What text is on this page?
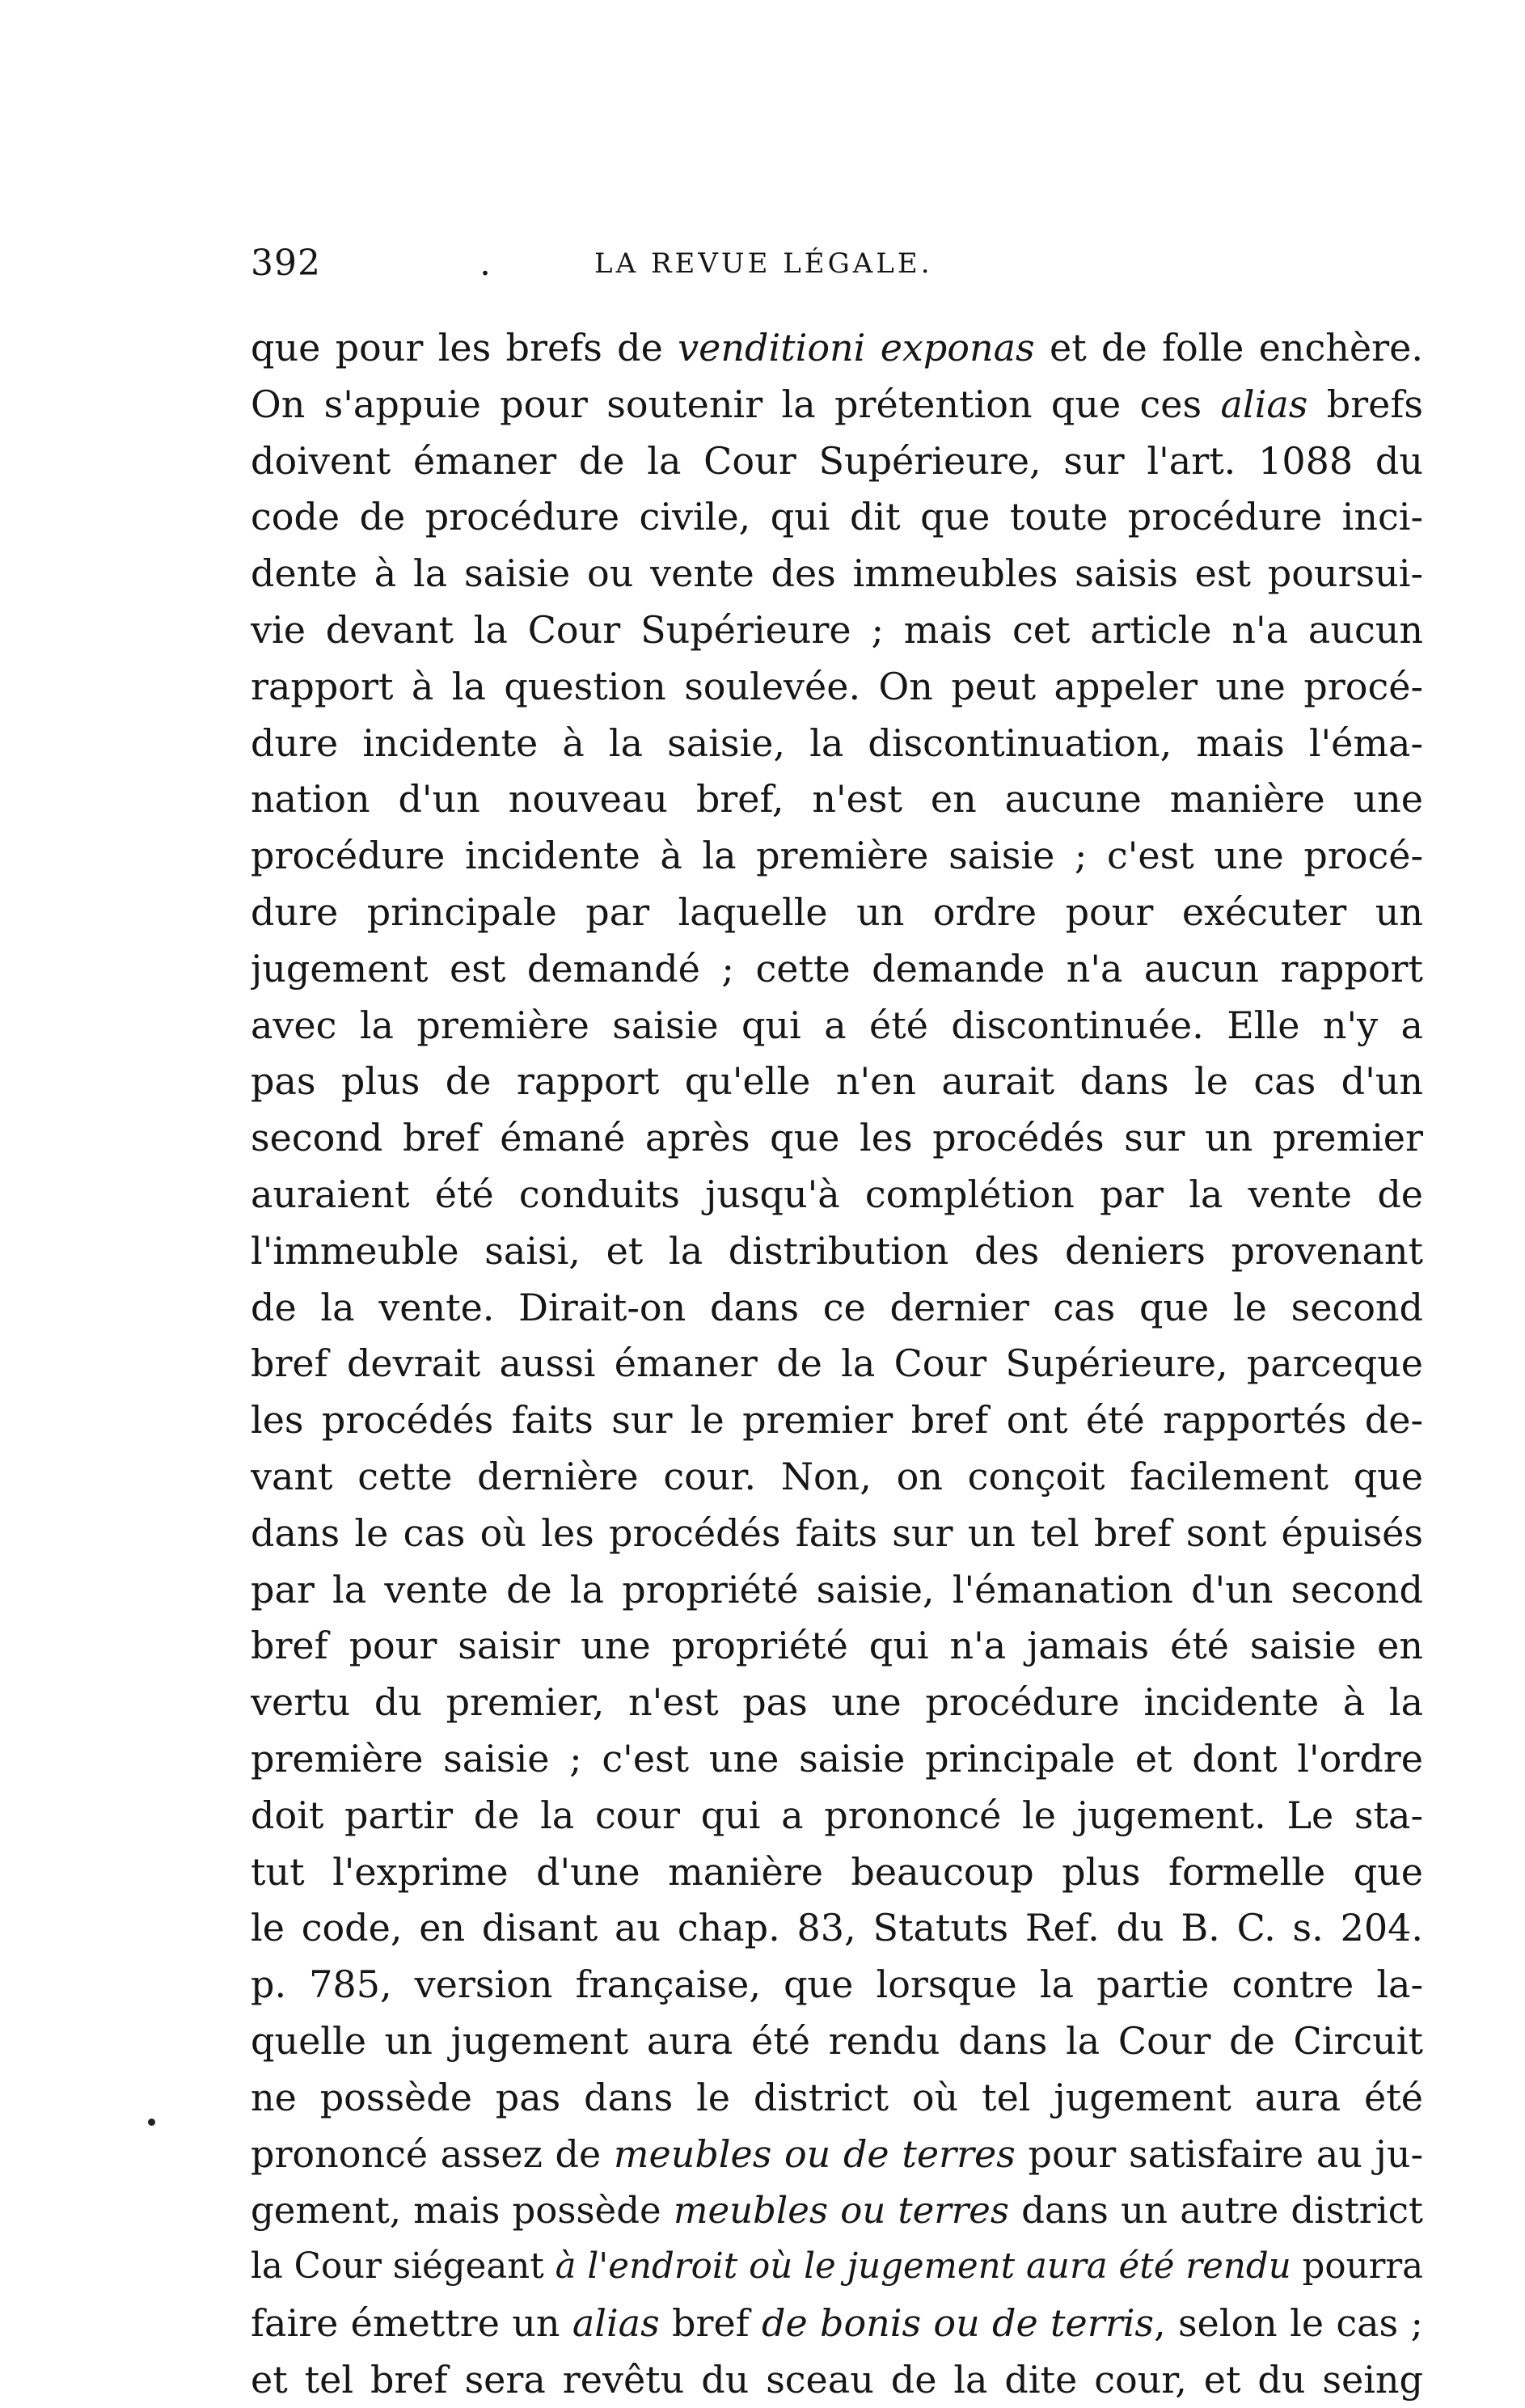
392	.	LA REVUE LÉGALE.
que pour les brefs de venditioni exponas et de folle enchère.
On s'appuie pour soutenir la prétention que ces alias brefs
doivent émaner de la Cour Supérieure, sur l'art. 1088 du
code de procédure civile, qui dit que toute procédure inci-
dente à la saisie ou vente des immeubles saisis est poursui-
vie devant la Cour Supérieure ; mais cet article n'a aucun
rapport à la question soulevée. On peut appeler une procé-
dure incidente à la saisie, la discontinuation, mais l'éma-
nation d'un nouveau bref, n'est en aucune manière une
procédure incidente à la première saisie ; c'est une procé-
dure principale par laquelle un ordre pour exécuter un
jugement est demandé ; cette demande n'a aucun rapport
avec la première saisie qui a été discontinuée. Elle n'y a
pas plus de rapport qu'elle n'en aurait dans le cas d'un
second bref émané après que les procédés sur un premier
auraient été conduits jusqu'à complétion par la vente de
l'immeuble saisi, et la distribution des deniers provenant
de la vente. Dirait-on dans ce dernier cas que le second
bref devrait aussi émaner de la Cour Supérieure, parceque
les procédés faits sur le premier bref ont été rapportés de-
vant cette dernière cour. Non, on conçoit facilement que
dans le cas où les procédés faits sur un tel bref sont épuisés
par la vente de la propriété saisie, l'émanation d'un second
bref pour saisir une propriété qui n'a jamais été saisie en
vertu du premier, n'est pas une procédure incidente à la
première saisie ; c'est une saisie principale et dont l'ordre
doit partir de la cour qui a prononcé le jugement. Le sta-
tut l'exprime d'une manière beaucoup plus formelle que
le code, en disant au chap. 83, Statuts Ref. du B. C. s. 204.
p. 785, version française, que lorsque la partie contre la-
quelle un jugement aura été rendu dans la Cour de Circuit
ne possède pas dans le district où tel jugement aura été
prononcé assez de meubles ou de terres pour satisfaire au ju-
gement, mais possède meubles ou terres dans un autre district
la Cour siégeant à l'endroit où le jugement aura été rendu pourra
faire émettre un alias bref de bonis ou de terris, selon le cas ;
et tel bref sera revêtu du sceau de la dite cour, et du seing
